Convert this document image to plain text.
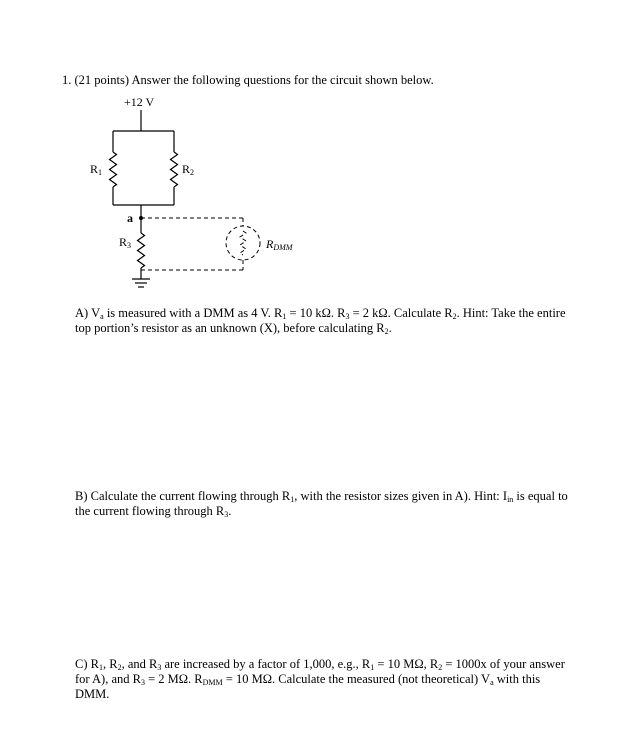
1. (21 points) Answer the following questions for the circuit shown below.

+12 V
R1	R2
a
R3	RDMM

A) $V_a$ is measured with a DMM as 4 V. $R_1 = 10$ kΩ. $R_3 = 2$ kΩ. Calculate $R_2$. Hint: Take the entire top portion’s resistor as an unknown (X), before calculating $R_2$.

B) Calculate the current flowing through $R_1$, with the resistor sizes given in A). Hint: $I_{in}$ is equal to the current flowing through $R_3$.

C) $R_1$, $R_2$, and $R_3$ are increased by a factor of 1,000, e.g., $R_1 = 10$ MΩ, $R_2 = 1000x$ of your answer for A), and $R_3 = 2$ MΩ. $R_{DMM} = 10$ MΩ. Calculate the measured (not theoretical) $V_a$ with this DMM.
